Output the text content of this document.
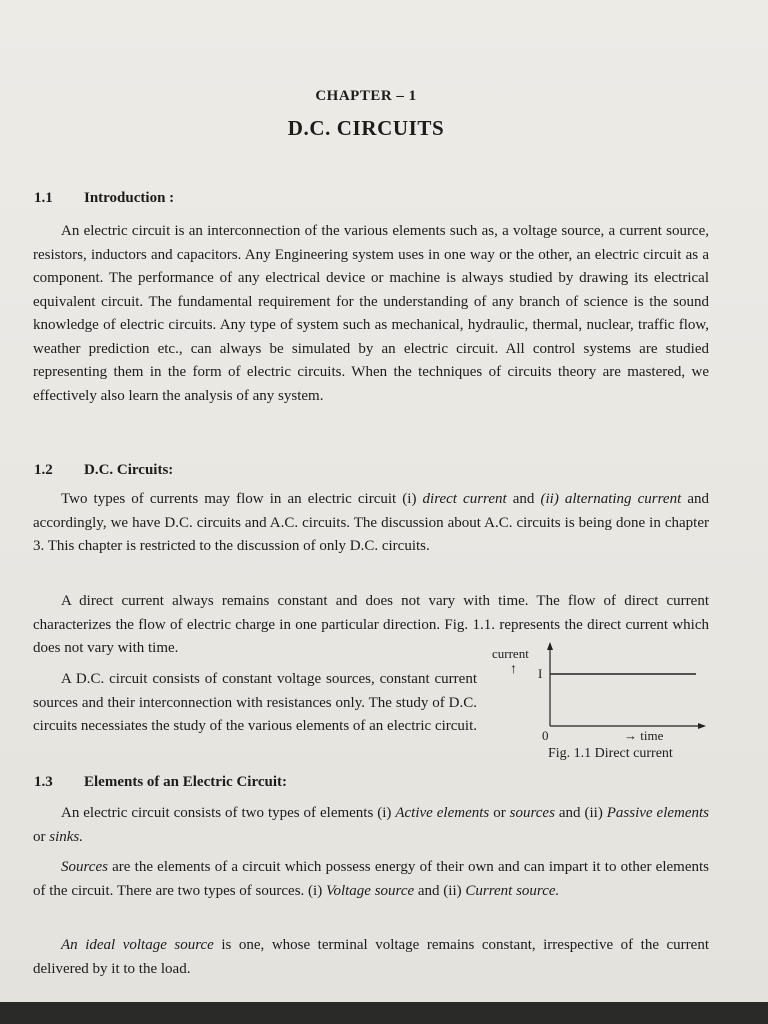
CHAPTER – 1
D.C. CIRCUITS
1.1 Introduction :

An electric circuit is an interconnection of the various elements such as, a voltage source, a current source, resistors, inductors and capacitors. Any Engineering system uses in one way or the other, an electric circuit as a component. The performance of any electrical device or machine is always studied by drawing its electrical equivalent circuit. The fundamental requirement for the understanding of any branch of science is the sound knowledge of electric circuits. Any type of system such as mechanical, hydraulic, thermal, nuclear, traffic flow, weather prediction etc., can always be simulated by an electric circuit. All control systems are studied representing them in the form of electric circuits. When the techniques of circuits theory are mastered, we effectively also learn the analysis of any system.

1.2 D.C. Circuits:

Two types of currents may flow in an electric circuit (i) direct current and (ii) alternating current and accordingly, we have D.C. circuits and A.C. circuits. The discussion about A.C. circuits is being done in chapter 3. This chapter is restricted to the discussion of only D.C. circuits.

A direct current always remains constant and does not vary with time. The flow of direct current characterizes the flow of electric charge in one particular direction. Fig. 1.1. represents the direct current which does not vary with time.

A D.C. circuit consists of constant voltage sources, constant current sources and their interconnection with resistances only. The study of D.C. circuits necessiates the study of the various elements of an electric circuit.

current
↑ I
0	→ time
Fig. 1.1 Direct current
1.3 Elements of an Electric Circuit:

An electric circuit consists of two types of elements (i) Active elements or sources and (ii) Passive elements or sinks.

Sources are the elements of a circuit which possess energy of their own and can impart it to other elements of the circuit. There are two types of sources. (i) Voltage source and (ii) Current source.

An ideal voltage source is one, whose terminal voltage remains constant, irrespective of the current delivered by it to the load.
